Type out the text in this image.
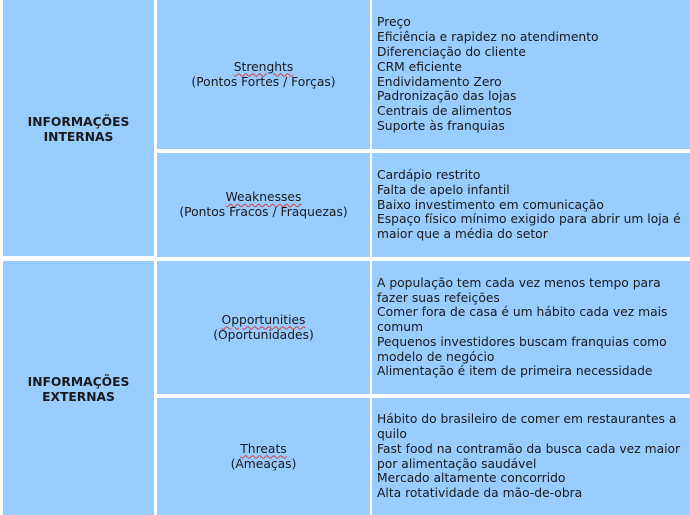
INFORMAÇÕES
INTERNAS
INFORMAÇÕES
EXTERNAS
Strenghts
(Pontos Fortes / Forças)
Weaknesses
(Pontos Fracos / Fraquezas)
Opportunities
(Oportunidades)
Threats
(Ameaças)
Preço
Eficiência e rapidez no atendimento
Diferenciação do cliente
CRM eficiente
Endividamento Zero
Padronização das lojas
Centrais de alimentos
Suporte às franquias
Cardápio restrito
Falta de apelo infantil
Baixo investimento em comunicação
Espaço físico mínimo exigido para abrir um loja é maior que a média do setor
A população tem cada vez menos tempo para fazer suas refeições
Comer fora de casa é um hábito cada vez mais comum
Pequenos investidores buscam franquias como modelo de negócio
Alimentação é item de primeira necessidade
Hábito do brasileiro de comer em restaurantes a quilo
Fast food na contramão da busca cada vez maior por alimentação saudável
Mercado altamente concorrido
Alta rotatividade da mão-de-obra
